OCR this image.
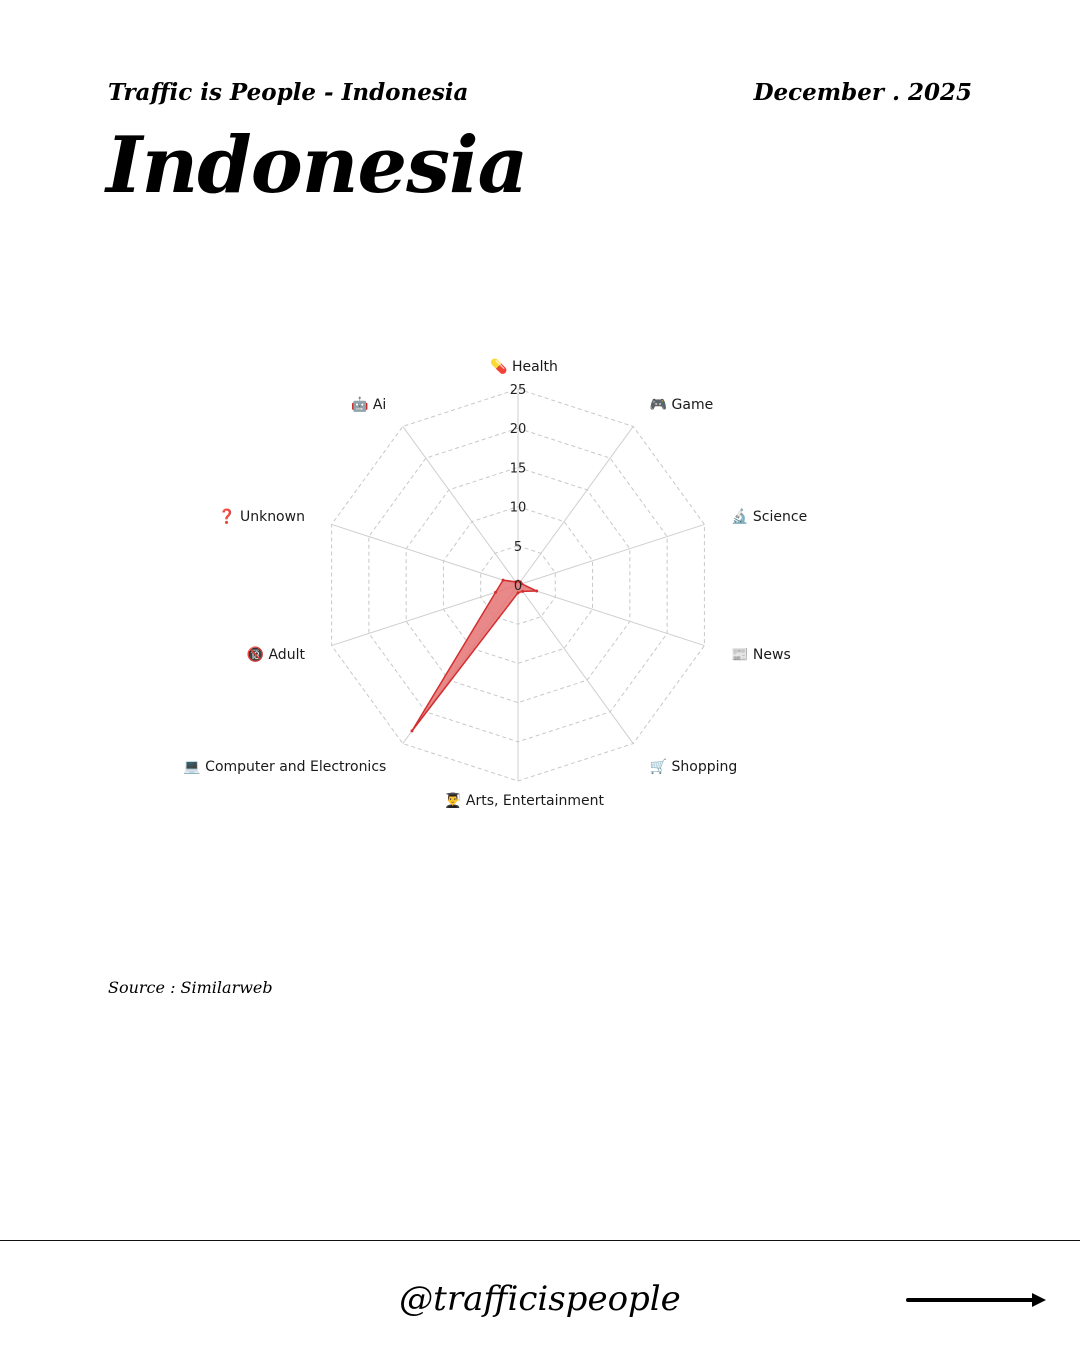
Traffic is People - Indonesia	December . 2025
Indonesia
0
5
10
15
20
25
💊 Health
🎮 Game
🔬 Science
📰 News
🛒 Shopping
👨‍🎓 Arts, Entertainment
💻 Computer and Electronics
🔞 Adult
❓ Unknown
🤖 Ai
Source : Similarweb
@trafficispeople
